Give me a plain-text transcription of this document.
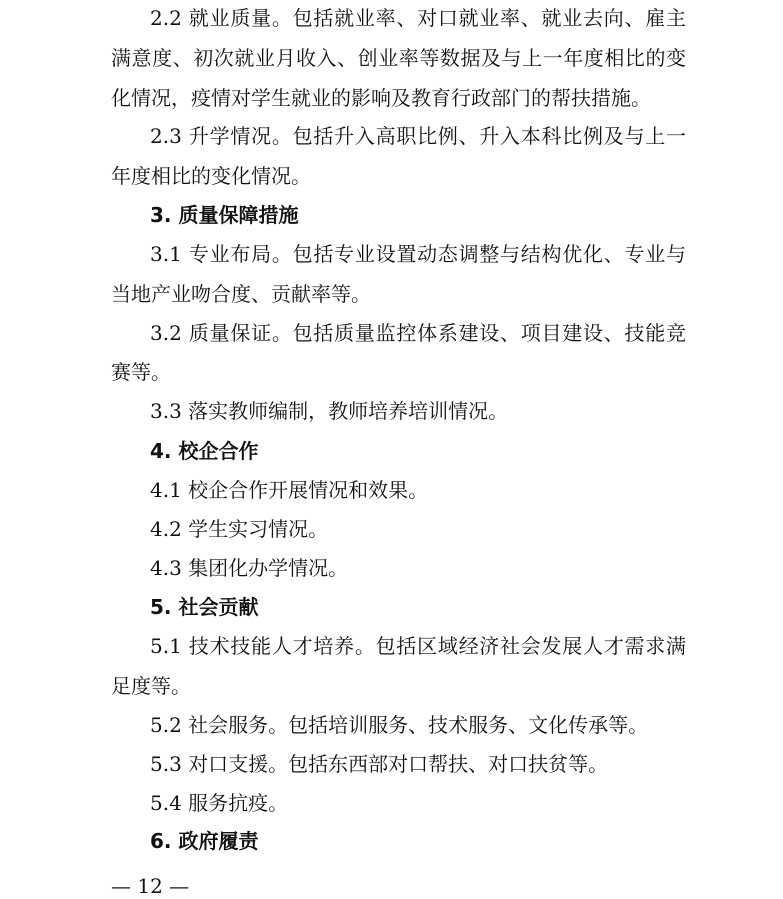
2.2 就业质量。包括就业率、对口就业率、就业去向、雇主
满意度、初次就业月收入、创业率等数据及与上一年度相比的变
化情况，疫情对学生就业的影响及教育行政部门的帮扶措施。
2.3 升学情况。包括升入高职比例、升入本科比例及与上一
年度相比的变化情况。
3. 质量保障措施
3.1 专业布局。包括专业设置动态调整与结构优化、专业与
当地产业吻合度、贡献率等。
3.2 质量保证。包括质量监控体系建设、项目建设、技能竞
赛等。
3.3 落实教师编制，教师培养培训情况。
4. 校企合作
4.1 校企合作开展情况和效果。
4.2 学生实习情况。
4.3 集团化办学情况。
5. 社会贡献
5.1 技术技能人才培养。包括区域经济社会发展人才需求满
足度等。
5.2 社会服务。包括培训服务、技术服务、文化传承等。
5.3 对口支援。包括东西部对口帮扶、对口扶贫等。
5.4 服务抗疫。
6. 政府履责
— 12 —
